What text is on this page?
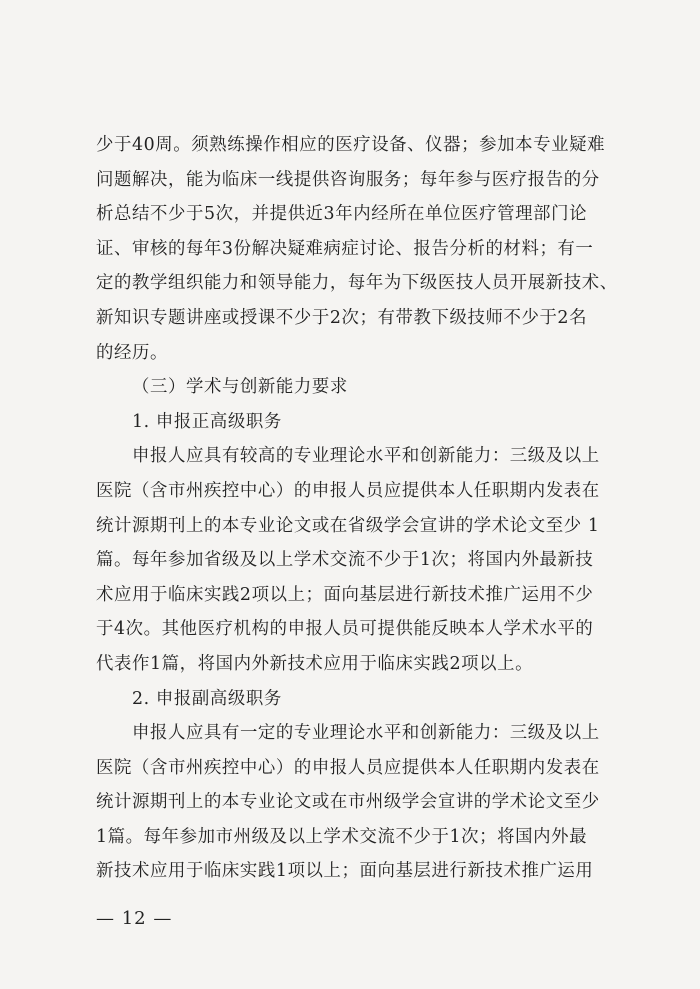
少于40周。须熟练操作相应的医疗设备、仪器；参加本专业疑难
问题解决，能为临床一线提供咨询服务；每年参与医疗报告的分
析总结不少于5次，并提供近3年内经所在单位医疗管理部门论
证、审核的每年3份解决疑难病症讨论、报告分析的材料；有一
定的教学组织能力和领导能力，每年为下级医技人员开展新技术、
新知识专题讲座或授课不少于2次；有带教下级技师不少于2名
的经历。
（三）学术与创新能力要求
1. 申报正高级职务
申报人应具有较高的专业理论水平和创新能力：三级及以上
医院（含市州疾控中心）的申报人员应提供本人任职期内发表在
统计源期刊上的本专业论文或在省级学会宣讲的学术论文至少 1
篇。每年参加省级及以上学术交流不少于1次；将国内外最新技
术应用于临床实践2项以上；面向基层进行新技术推广运用不少
于4次。其他医疗机构的申报人员可提供能反映本人学术水平的
代表作1篇，将国内外新技术应用于临床实践2项以上。
2. 申报副高级职务
申报人应具有一定的专业理论水平和创新能力：三级及以上
医院（含市州疾控中心）的申报人员应提供本人任职期内发表在
统计源期刊上的本专业论文或在市州级学会宣讲的学术论文至少
1篇。每年参加市州级及以上学术交流不少于1次；将国内外最
新技术应用于临床实践1项以上；面向基层进行新技术推广运用
— 12 —
